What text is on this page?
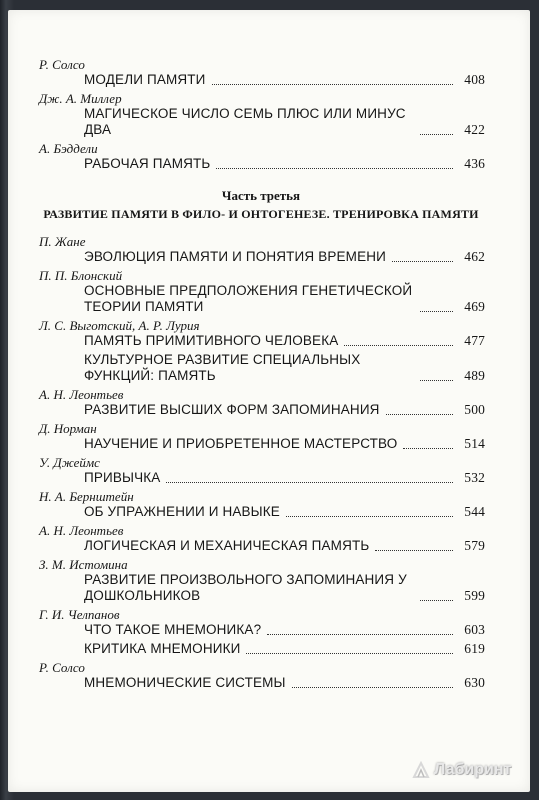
Р. Солсо
МОДЕЛИ ПАМЯТИ	408
Дж. А. Миллер
МАГИЧЕСКОЕ ЧИСЛО СЕМЬ ПЛЮС ИЛИ МИНУС ДВА	422
А. Бэддели
РАБОЧАЯ ПАМЯТЬ	436
Часть третья
РАЗВИТИЕ ПАМЯТИ В ФИЛО- И ОНТОГЕНЕЗЕ. ТРЕНИРОВКА ПАМЯТИ
П. Жане
ЭВОЛЮЦИЯ ПАМЯТИ И ПОНЯТИЯ ВРЕМЕНИ	462
П. П. Блонский
ОСНОВНЫЕ ПРЕДПОЛОЖЕНИЯ ГЕНЕТИЧЕСКОЙ ТЕОРИИ ПАМЯТИ	469
Л. С. Выготский, А. Р. Лурия
ПАМЯТЬ ПРИМИТИВНОГО ЧЕЛОВЕКА	477
КУЛЬТУРНОЕ РАЗВИТИЕ СПЕЦИАЛЬНЫХ ФУНКЦИЙ: ПАМЯТЬ	489
А. Н. Леонтьев
РАЗВИТИЕ ВЫСШИХ ФОРМ ЗАПОМИНАНИЯ	500
Д. Норман
НАУЧЕНИЕ И ПРИОБРЕТЕННОЕ МАСТЕРСТВО	514
У. Джеймс
ПРИВЫЧКА	532
Н. А. Бернштейн
ОБ УПРАЖНЕНИИ И НАВЫКЕ	544
А. Н. Леонтьев
ЛОГИЧЕСКАЯ И МЕХАНИЧЕСКАЯ ПАМЯТЬ	579
З. М. Истомина
РАЗВИТИЕ ПРОИЗВОЛЬНОГО ЗАПОМИНАНИЯ У ДОШКОЛЬНИКОВ	599
Г. И. Челпанов
ЧТО ТАКОЕ МНЕМОНИКА?	603
КРИТИКА МНЕМОНИКИ	619
Р. Солсо
МНЕМОНИЧЕСКИЕ СИСТЕМЫ	630
Лабиринт
